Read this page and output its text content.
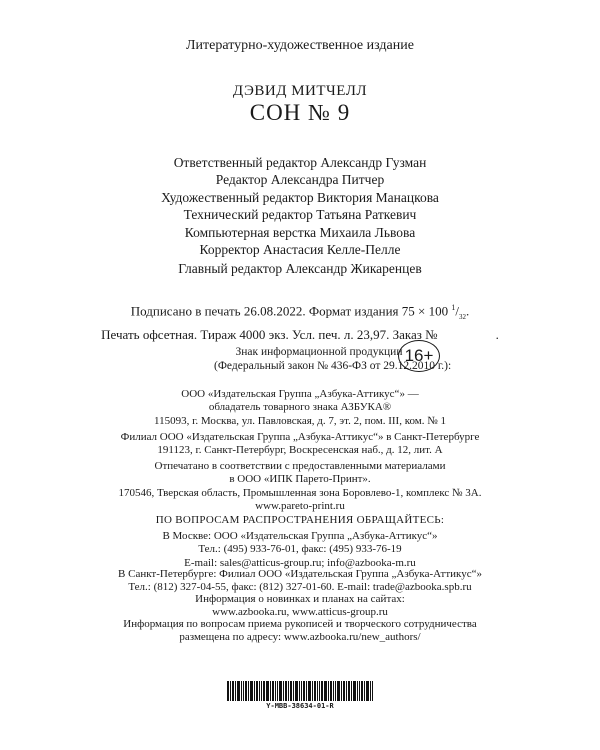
Литературно-художественное издание
ДЭВИД МИТЧЕЛЛ
СОН № 9
Ответственный редактор Александр Гузман
Редактор Александра Питчер
Художественный редактор Виктория Манацкова
Технический редактор Татьяна Раткевич
Компьютерная верстка Михаила Львова
Корректор Анастасия Келле-Пелле
Главный редактор Александр Жикаренцев
Подписано в печать 26.08.2022. Формат издания 75 × 100 $^1/_{32}$.
Печать офсетная. Тираж 4000 экз. Усл. печ. л. 23,97. Заказ №	.
Знак информационной продукции
(Федеральный закон № 436-ФЗ от 29.12.2010 г.):
16+
ООО «Издательская Группа „Азбука-Аттикус“» —
обладатель товарного знака АЗБУКА®
115093, г. Москва, ул. Павловская, д. 7, эт. 2, пом. III, ком. № 1
Филиал ООО «Издательская Группа „Азбука-Аттикус“» в Санкт-Петербурге
191123, г. Санкт-Петербург, Воскресенская наб., д. 12, лит. А
Отпечатано в соответствии с предоставленными материалами
в ООО «ИПК Парето-Принт».
170546, Тверская область, Промышленная зона Боровлево-1, комплекс № 3А.
www.pareto-print.ru
ПО ВОПРОСАМ РАСПРОСТРАНЕНИЯ ОБРАЩАЙТЕСЬ:
В Москве: ООО «Издательская Группа „Азбука-Аттикус“»
Тел.: (495) 933-76-01, факс: (495) 933-76-19
E-mail: sales@atticus-group.ru; info@azbooka-m.ru
В Санкт-Петербурге: Филиал ООО «Издательская Группа „Азбука-Аттикус“»
Тел.: (812) 327-04-55, факс: (812) 327-01-60. E-mail: trade@azbooka.spb.ru
Информация о новинках и планах на сайтах:
www.azbooka.ru, www.atticus-group.ru
Информация по вопросам приема рукописей и творческого сотрудничества
размещена по адресу: www.azbooka.ru/new_authors/
Y-MBB-38634-01-R
